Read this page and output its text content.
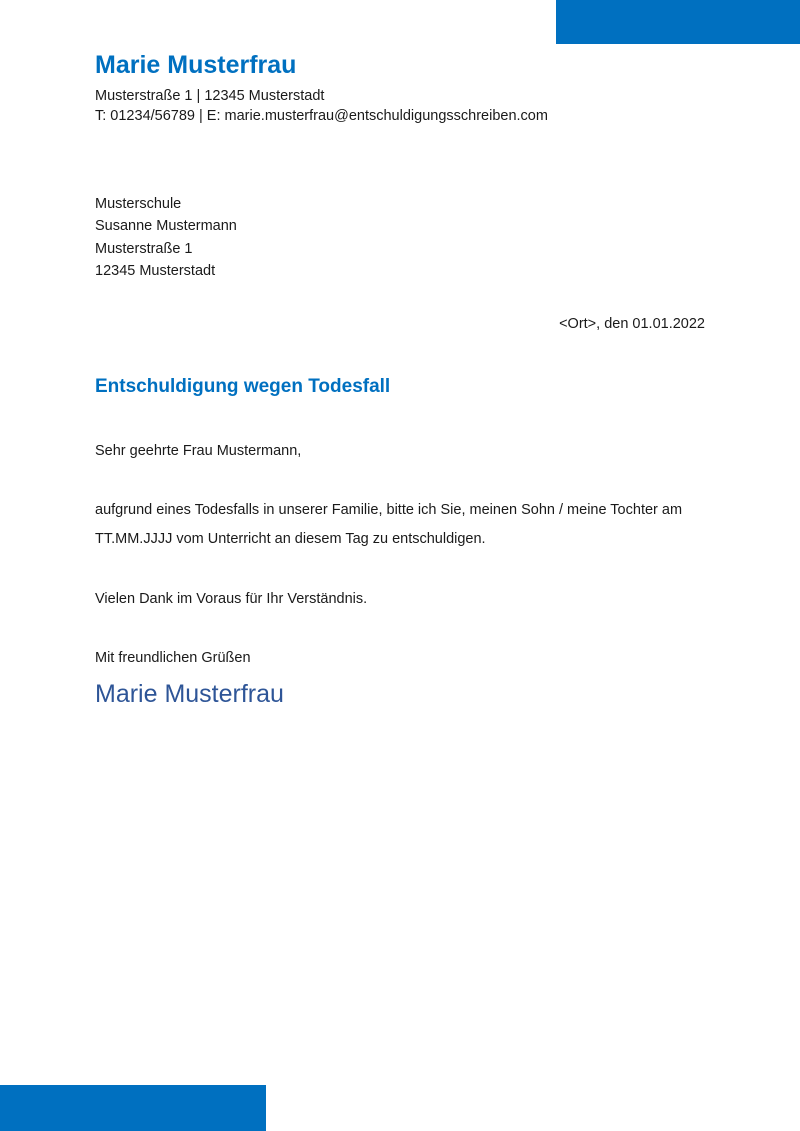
Marie Musterfrau
Musterstraße 1 | 12345 Musterstadt
T: 01234/56789 | E: marie.musterfrau@entschuldigungsschreiben.com
Musterschule
Susanne Mustermann
Musterstraße 1
12345 Musterstadt
<Ort>, den 01.01.2022
Entschuldigung wegen Todesfall
Sehr geehrte Frau Mustermann,
aufgrund eines Todesfalls in unserer Familie, bitte ich Sie, meinen Sohn / meine Tochter am
TT.MM.JJJJ vom Unterricht an diesem Tag zu entschuldigen.
Vielen Dank im Voraus für Ihr Verständnis.
Mit freundlichen Grüßen
Marie Musterfrau
